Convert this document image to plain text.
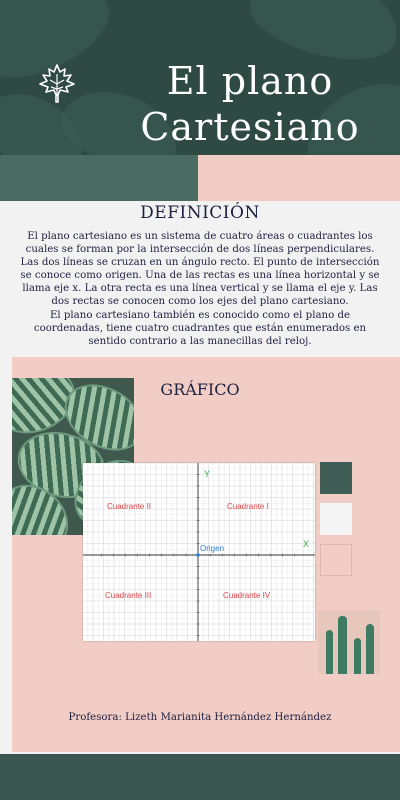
El plano Cartesiano
DEFINICIÓN
El plano cartesiano es un sistema de cuatro áreas o cuadrantes los cuales se forman por la intersección de dos líneas perpendiculares. Las dos líneas se cruzan en un ángulo recto. El punto de intersección se conoce como origen. Una de las rectas es una línea horizontal y se llama eje x. La otra recta es una línea vertical y se llama el eje y. Las dos rectas se conocen como los ejes del plano cartesiano.
El plano cartesiano también es conocido como el plano de coordenadas, tiene cuatro cuadrantes que están enumerados en sentido contrario a las manecillas del reloj.
GRÁFICO
Y
X
Origen
Cuadrante II	Cuadrante I
Cuadrante III	Cuadrante IV
Profesora: Lizeth Marianita Hernández Hernández
